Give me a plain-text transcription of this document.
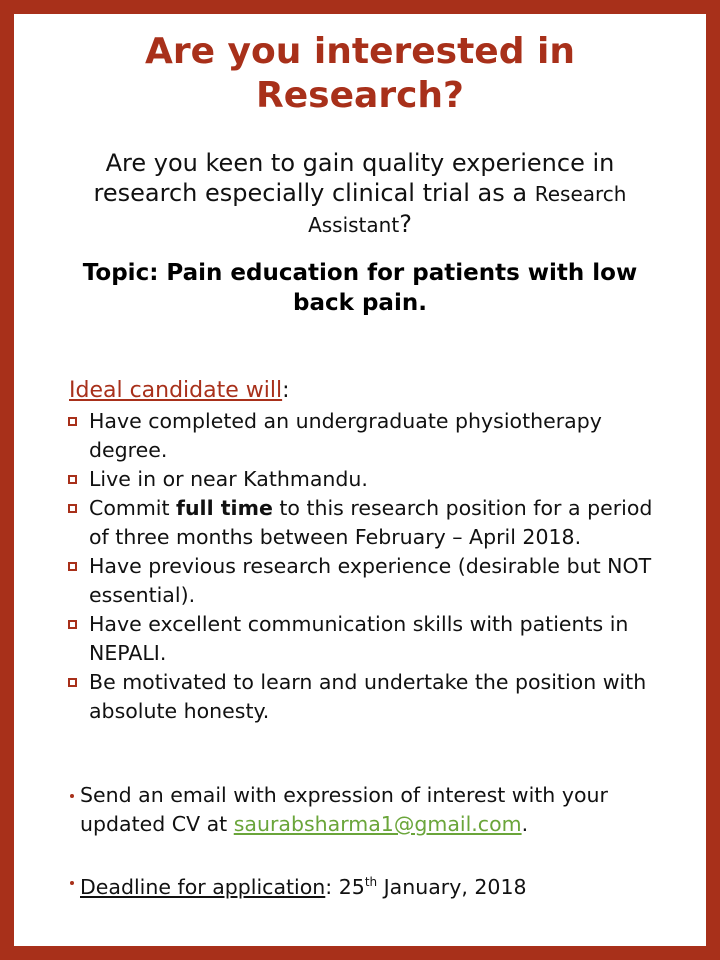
Are you interested in
Research?
Are you keen to gain quality experience in
research especially clinical trial as a Research
Assistant?
Topic: Pain education for patients with low
back pain.
Ideal candidate will:
Have completed an undergraduate physiotherapy degree.
Live in or near Kathmandu.
Commit full time to this research position for a period of three months between February – April 2018.
Have previous research experience (desirable but NOT essential).
Have excellent communication skills with patients in NEPALI.
Be motivated to learn and undertake the position with absolute honesty.
Send an email with expression of interest with your updated CV at saurabsharma1@gmail.com.
Deadline for application: 25th January, 2018
